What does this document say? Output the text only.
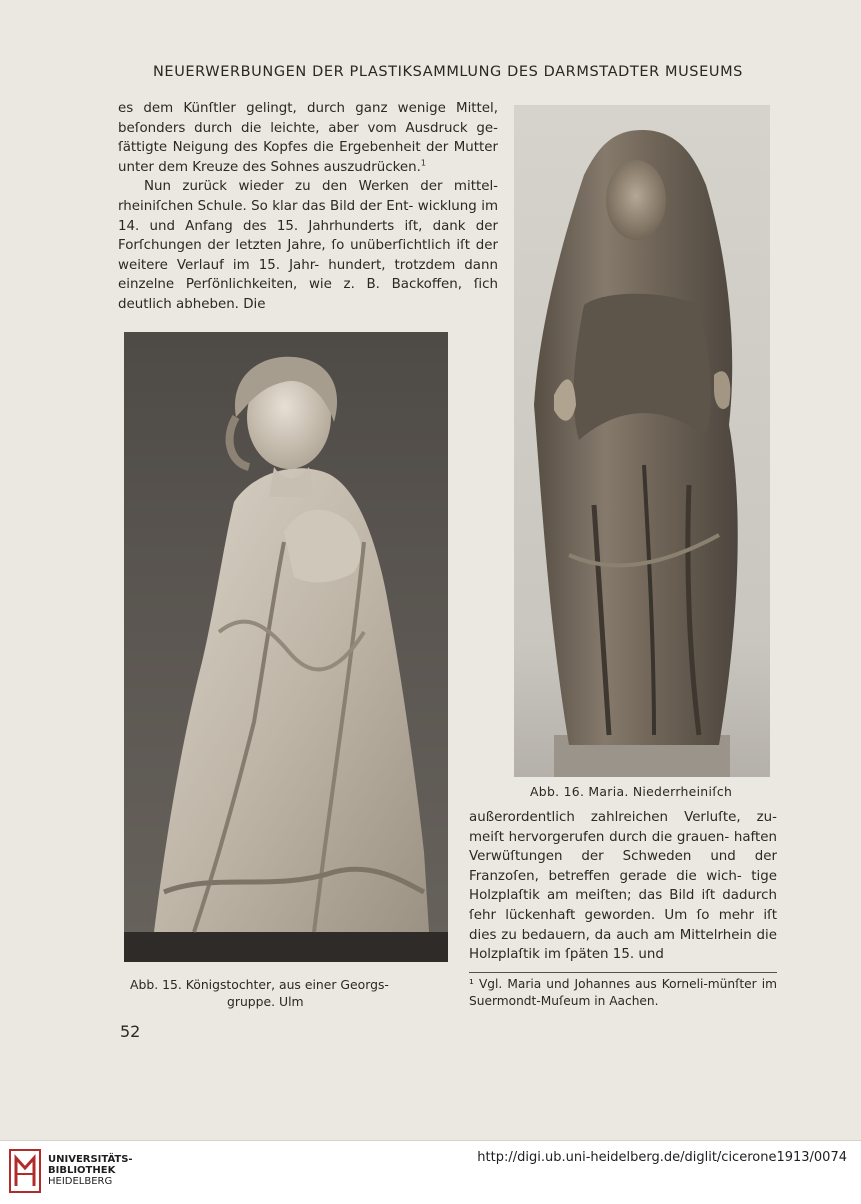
NEUERWERBUNGEN DER PLASTIKSAMMLUNG DES DARMSTADTER MUSEUMS

es dem Künſtler gelingt, durch ganz wenige Mittel, beſonders durch die leichte, aber vom Ausdruck ge- ſättigte Neigung des Kopfes die Ergebenheit der Mutter unter dem Kreuze des Sohnes auszudrücken.$^1$

Nun zurück wieder zu den Werken der mittel- rheiniſchen Schule. So klar das Bild der Ent- wicklung im 14. und Anfang des 15. Jahrhunderts iſt, dank der Forſchungen der letzten Jahre, ſo unüberſichtlich iſt der weitere Verlauf im 15. Jahr- hundert, trotzdem dann einzelne Perſönlichkeiten, wie z. B. Backoffen, ſich deutlich abheben. Die

Abb. 15. Königstochter, aus einer Georgs-
gruppe. Ulm
Abb. 16. Maria. Niederrheiniſch

außerordentlich zahlreichen Verluſte, zu- meiſt hervorgerufen durch die grauen- haften Verwüſtungen der Schweden und der Franzoſen, betreffen gerade die wich- tige Holzplaſtik am meiſten; das Bild iſt dadurch ſehr lückenhaft geworden. Um ſo mehr iſt dies zu bedauern, da auch am Mittelrhein die Holzplaſtik im ſpäten 15. und

¹ Vgl. Maria und Johannes aus Korneli-münſter im Suermondt-Muſeum in Aachen.
52
UNIVERSITÄTS-
BIBLIOTHEK
HEIDELBERG
http://digi.ub.uni-heidelberg.de/diglit/cicerone1913/0074
